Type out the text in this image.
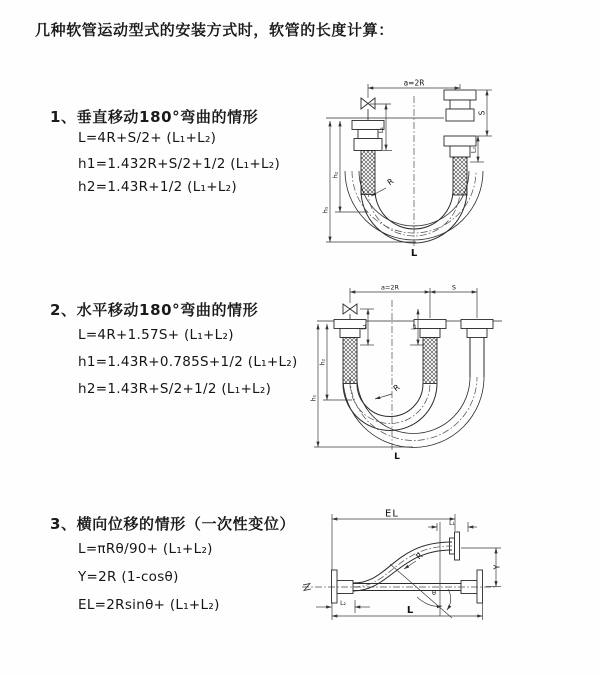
几种软管运动型式的安装方式时，软管的长度计算：
1、垂直移动180°弯曲的情形
L=4R+S/2+ (L₁+L₂)
h1=1.432R+S/2+1/2 (L₁+L₂)
h2=1.43R+1/2 (L₁+L₂)
2、水平移动180°弯曲的情形
L=4R+1.57S+ (L₁+L₂)
h1=1.43R+0.785S+1/2 (L₁+L₂)
h2=1.43R+S/2+1/2 (L₁+L₂)
3、横向位移的情形（一次性变位）
L=πRθ/90+ (L₁+L₂)
Y=2R (1-cosθ)
EL=2Rsinθ+ (L₁+L₂)
a=2R
L₁
S
L₂
h₁
h₂
R
L
a=2R	S
L₁	L₂
h₁
h₂
R
L
EL
L₁
Y
θ
R
L₂
L
